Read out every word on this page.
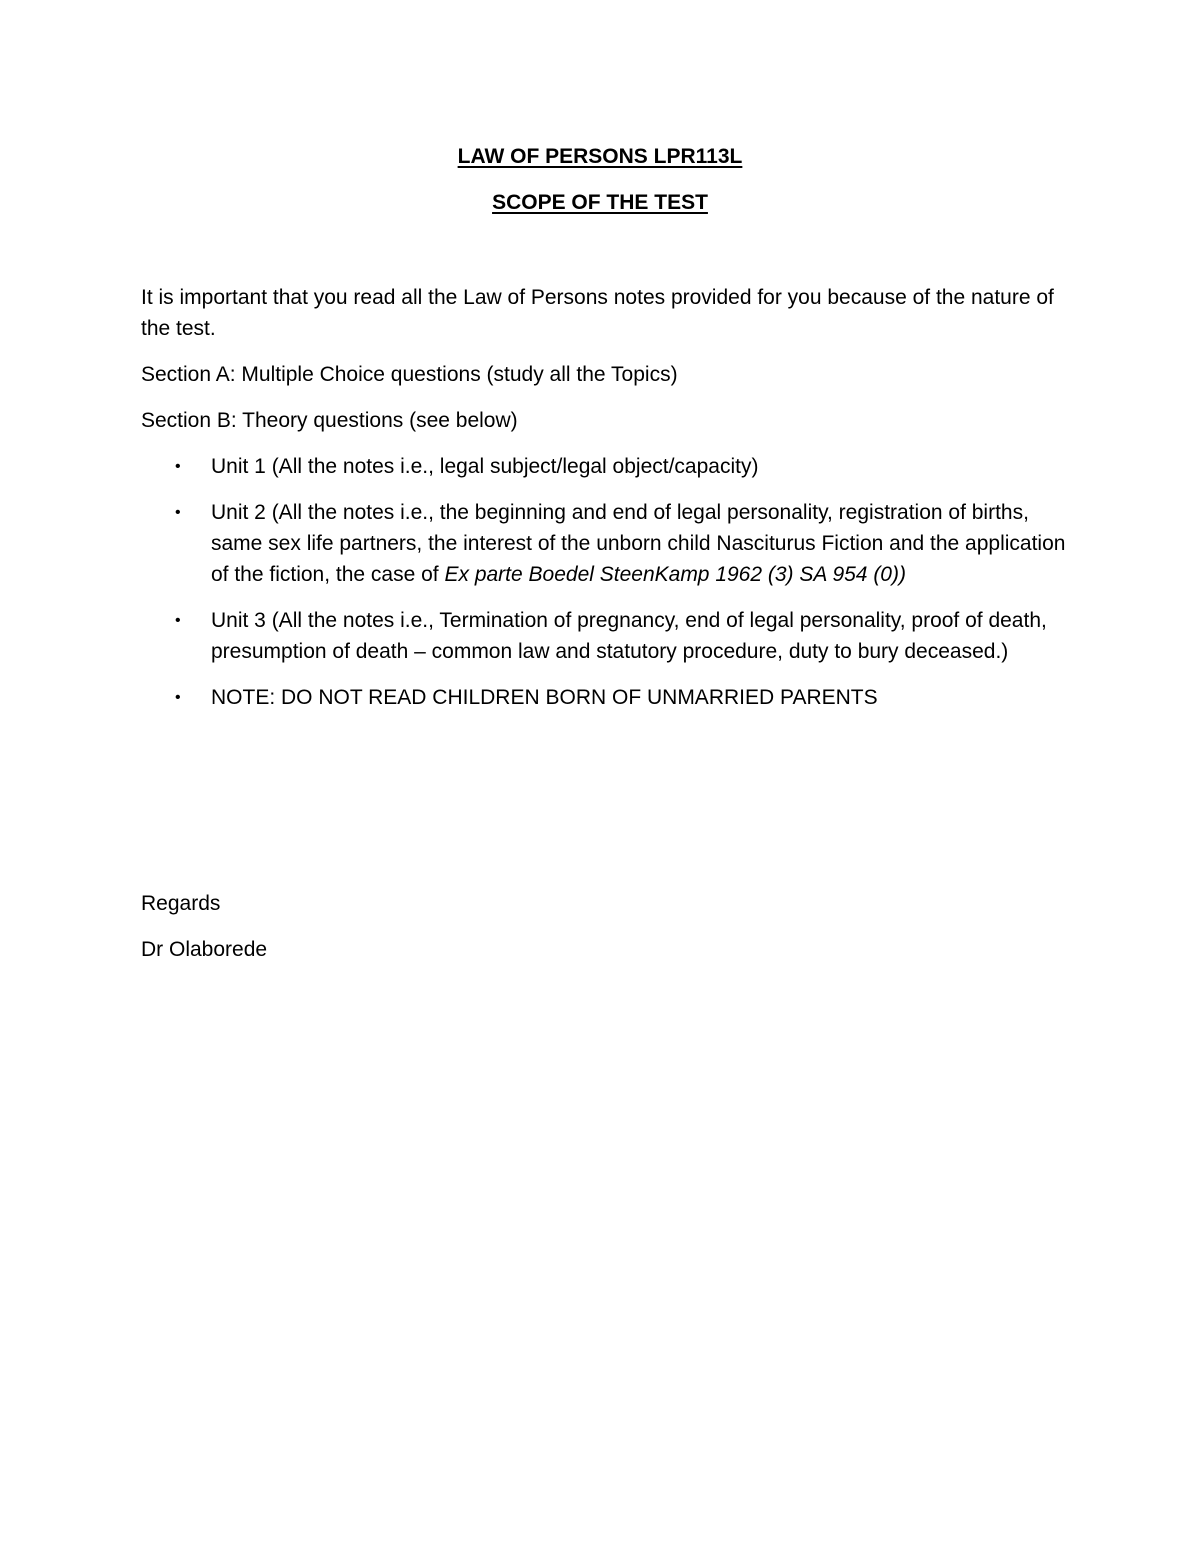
LAW OF PERSONS LPR113L

SCOPE OF THE TEST

It is important that you read all the Law of Persons notes provided for you because of the nature of the test.

Section A: Multiple Choice questions (study all the Topics)

Section B: Theory questions (see below)

• Unit 1 (All the notes i.e., legal subject/legal object/capacity)
• Unit 2 (All the notes i.e., the beginning and end of legal personality, registration of births, same sex life partners, the interest of the unborn child Nasciturus Fiction and the application of the fiction, the case of Ex parte Boedel SteenKamp 1962 (3) SA 954 (0))
• Unit 3 (All the notes i.e., Termination of pregnancy, end of legal personality, proof of death, presumption of death – common law and statutory procedure, duty to bury deceased.)
• NOTE: DO NOT READ CHILDREN BORN OF UNMARRIED PARENTS

Regards

Dr Olaborede
